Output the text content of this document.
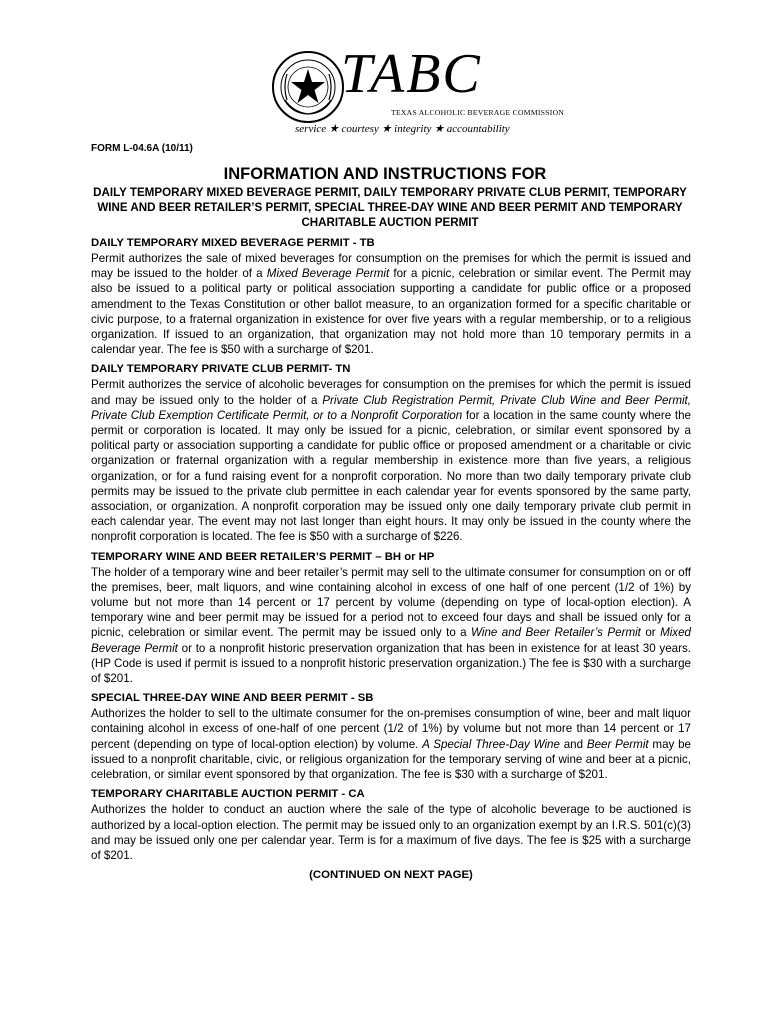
TABC
TEXAS ALCOHOLIC BEVERAGE COMMISSION
service ★ courtesy ★ integrity ★ accountability
FORM L-04.6A (10/11)
INFORMATION AND INSTRUCTIONS FOR
DAILY TEMPORARY MIXED BEVERAGE PERMIT, DAILY TEMPORARY PRIVATE CLUB PERMIT, TEMPORARY WINE AND BEER RETAILER’S PERMIT, SPECIAL THREE-DAY WINE AND BEER PERMIT AND TEMPORARY CHARITABLE AUCTION PERMIT
DAILY TEMPORARY MIXED BEVERAGE PERMIT - TB

Permit authorizes the sale of mixed beverages for consumption on the premises for which the permit is issued and may be issued to the holder of a Mixed Beverage Permit for a picnic, celebration or similar event. The Permit may also be issued to a political party or political association supporting a candidate for public office or a proposed amendment to the Texas Constitution or other ballot measure, to an organization formed for a specific charitable or civic purpose, to a fraternal organization in existence for over five years with a regular membership, or to a religious organization. If issued to an organization, that organization may not hold more than 10 temporary permits in a calendar year. The fee is $50 with a surcharge of $201.

DAILY TEMPORARY PRIVATE CLUB PERMIT- TN

Permit authorizes the service of alcoholic beverages for consumption on the premises for which the permit is issued and may be issued only to the holder of a Private Club Registration Permit, Private Club Wine and Beer Permit, Private Club Exemption Certificate Permit, or to a Nonprofit Corporation for a location in the same county where the permit or corporation is located. It may only be issued for a picnic, celebration, or similar event sponsored by a political party or association supporting a candidate for public office or proposed amendment or a charitable or civic organization or fraternal organization with a regular membership in existence more than five years, a religious organization, or for a fund raising event for a nonprofit corporation. No more than two daily temporary private club permits may be issued to the private club permittee in each calendar year for events sponsored by the same party, association, or organization. A nonprofit corporation may be issued only one daily temporary private club permit in each calendar year. The event may not last longer than eight hours. It may only be issued in the county where the nonprofit corporation is located. The fee is $50 with a surcharge of $226.

TEMPORARY WINE AND BEER RETAILER’S PERMIT – BH or HP

The holder of a temporary wine and beer retailer’s permit may sell to the ultimate consumer for consumption on or off the premises, beer, malt liquors, and wine containing alcohol in excess of one half of one percent (1/2 of 1%) by volume but not more than 14 percent or 17 percent by volume (depending on type of local-option election). A temporary wine and beer permit may be issued for a period not to exceed four days and shall be issued only for a picnic, celebration or similar event. The permit may be issued only to a Wine and Beer Retailer’s Permit or Mixed Beverage Permit or to a nonprofit historic preservation organization that has been in existence for at least 30 years. (HP Code is used if permit is issued to a nonprofit historic preservation organization.) The fee is $30 with a surcharge of $201.

SPECIAL THREE-DAY WINE AND BEER PERMIT - SB

Authorizes the holder to sell to the ultimate consumer for the on-premises consumption of wine, beer and malt liquor containing alcohol in excess of one-half of one percent (1/2 of 1%) by volume but not more than 14 percent or 17 percent (depending on type of local-option election) by volume. A Special Three-Day Wine and Beer Permit may be issued to a nonprofit charitable, civic, or religious organization for the temporary serving of wine and beer at a picnic, celebration, or similar event sponsored by that organization. The fee is $30 with a surcharge of $201.

TEMPORARY CHARITABLE AUCTION PERMIT - CA

Authorizes the holder to conduct an auction where the sale of the type of alcoholic beverage to be auctioned is authorized by a local-option election. The permit may be issued only to an organization exempt by an I.R.S. 501(c)(3) and may be issued only one per calendar year. Term is for a maximum of five days. The fee is $25 with a surcharge of $201.

(CONTINUED ON NEXT PAGE)
